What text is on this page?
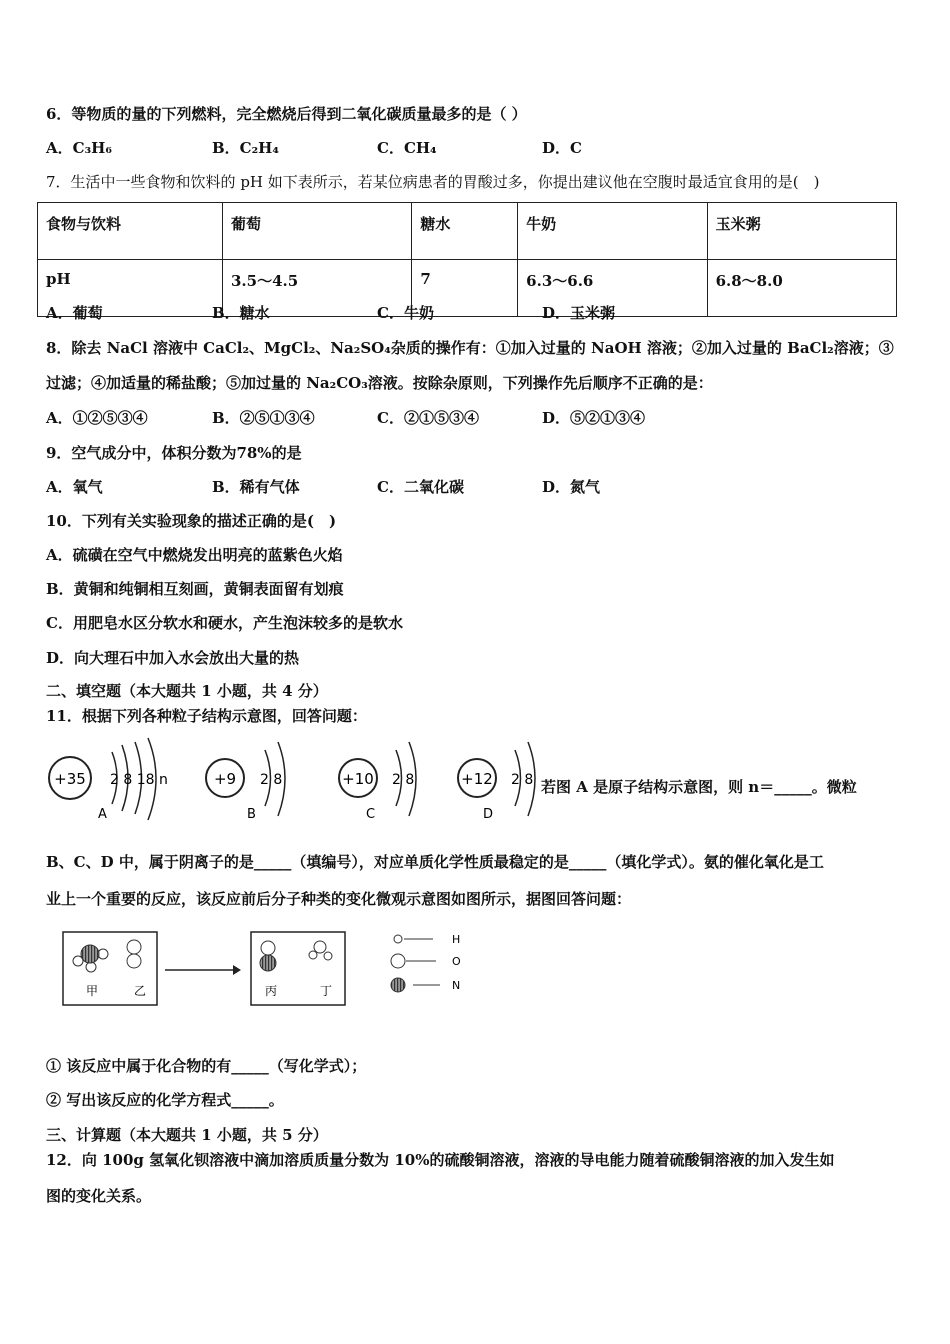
6．等物质的量的下列燃料，完全燃烧后得到二氧化碳质量最多的是（ ）
A．C₃H₆	B．C₂H₄	C．CH₄	D．C
7．生活中一些食物和饮料的 pH 如下表所示，若某位病患者的胃酸过多，你提出建议他在空腹时最适宜食用的是(　)
食物与饮料	葡萄	糖水	牛奶	玉米粥
pH	3.5～4.5	7	6.3～6.6	6.8～8.0
A．葡萄	B．糖水	C．牛奶	D．玉米粥
8．除去 NaCl 溶液中 CaCl₂、MgCl₂、Na₂SO₄杂质的操作有：①加入过量的 NaOH 溶液；②加入过量的 BaCl₂溶液；③
过滤；④加适量的稀盐酸；⑤加过量的 Na₂CO₃溶液。按除杂原则，下列操作先后顺序不正确的是：
A．①②⑤③④	B．②⑤①③④	C．②①⑤③④	D．⑤②①③④
9．空气成分中，体积分数为78%的是
A．氧气	B．稀有气体	C．二氧化碳	D．氮气
10．下列有关实验现象的描述正确的是(　)
A．硫磺在空气中燃烧发出明亮的蓝紫色火焰
B．黄铜和纯铜相互刻画，黄铜表面留有划痕
C．用肥皂水区分软水和硬水，产生泡沫较多的是软水
D．向大理石中加入水会放出大量的热
二、填空题（本大题共 1 小题，共 4 分）
11．根据下列各种粒子结构示意图，回答问题：
+35 2 8 18 n
A
+9 2 8
B
+10 2 8
C
+12 2 8
D
若图 A 是原子结构示意图，则 n＝_____。微粒
B、C、D 中，属于阴离子的是_____（填编号），对应单质化学性质最稳定的是_____（填化学式）。氨的催化氧化是工
业上一个重要的反应，该反应前后分子种类的变化微观示意图如图所示，据图回答问题：
甲	乙	丙	丁
H
O
N
① 该反应中属于化合物的有_____（写化学式）；
② 写出该反应的化学方程式_____。
三、计算题（本大题共 1 小题，共 5 分）
12．向 100g 氢氧化钡溶液中滴加溶质质量分数为 10%的硫酸铜溶液，溶液的导电能力随着硫酸铜溶液的加入发生如
图的变化关系。
